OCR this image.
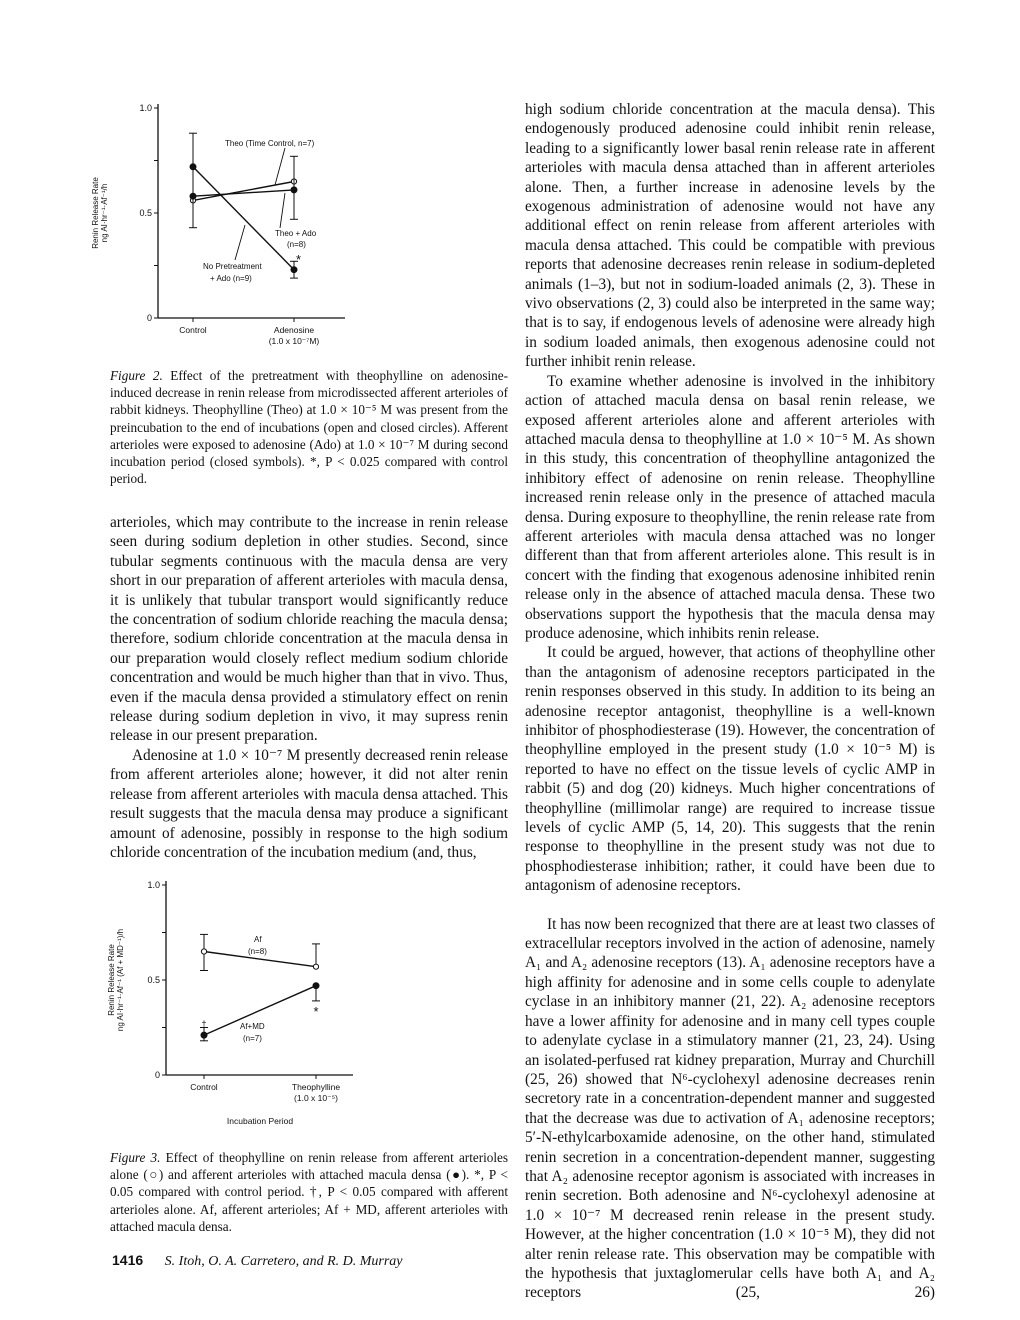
0
0.5
1.0
Renin Release Rate ng AI·hr⁻¹·Af⁻¹/h
Control	Adenosine
(1.0 x 10⁻⁷M)
Theo (Time Control, n=7)
Theo + Ado
(n=8)
No Pretreatment
+ Ado (n=9)
*
Figure 2. Effect of the pretreatment with theophylline on adenosine-induced decrease in renin release from microdissected afferent arterioles of rabbit kidneys. Theophylline (Theo) at 1.0 × 10⁻⁵ M was present from the preincubation to the end of incubations (open and closed circles). Afferent arterioles were exposed to adenosine (Ado) at 1.0 × 10⁻⁷ M during second incubation period (closed symbols). *, P < 0.025 compared with control period.

arterioles, which may contribute to the increase in renin release seen during sodium depletion in other studies. Second, since tubular segments continuous with the macula densa are very short in our preparation of afferent arterioles with macula densa, it is unlikely that tubular transport would significantly reduce the concentration of sodium chloride reaching the macula densa; therefore, sodium chloride concentration at the macula densa in our preparation would closely reflect medium sodium chloride concentration and would be much higher than that in vivo. Thus, even if the macula densa provided a stimulatory effect on renin release during sodium depletion in vivo, it may supress renin release in our present preparation.

Adenosine at 1.0 × 10⁻⁷ M presently decreased renin release from afferent arterioles alone; however, it did not alter renin release from afferent arterioles with macula densa attached. This result suggests that the macula densa may produce a significant amount of adenosine, possibly in response to the high sodium chloride concentration of the incubation medium (and, thus,

0
0.5
1.0
Renin Release Rate ng AI·hr⁻¹·Af⁻¹ (Af + MD⁻¹)/h
Control	Theophylline
(1.0 x 10⁻⁵)
Incubation Period
Af
(n=8)
Af+MD
(n=7)
†
*
Figure 3. Effect of theophylline on renin release from afferent arterioles alone (○) and afferent arterioles with attached macula densa (●). *, P < 0.05 compared with control period. †, P < 0.05 compared with afferent arterioles alone. Af, afferent arterioles; Af + MD, afferent arterioles with attached macula densa.

high sodium chloride concentration at the macula densa). This endogenously produced adenosine could inhibit renin release, leading to a significantly lower basal renin release rate in afferent arterioles with macula densa attached than in afferent arterioles alone. Then, a further increase in adenosine levels by the exogenous administration of adenosine would not have any additional effect on renin release from afferent arterioles with macula densa attached. This could be compatible with previous reports that adenosine decreases renin release in sodium-depleted animals (1–3), but not in sodium-loaded animals (2, 3). These in vivo observations (2, 3) could also be interpreted in the same way; that is to say, if endogenous levels of adenosine were already high in sodium loaded animals, then exogenous adenosine could not further inhibit renin release.

To examine whether adenosine is involved in the inhibitory action of attached macula densa on basal renin release, we exposed afferent arterioles alone and afferent arterioles with attached macula densa to theophylline at 1.0 × 10⁻⁵ M. As shown in this study, this concentration of theophylline antagonized the inhibitory effect of adenosine on renin release. Theophylline increased renin release only in the presence of attached macula densa. During exposure to theophylline, the renin release rate from afferent arterioles with macula densa attached was no longer different than that from afferent arterioles alone. This result is in concert with the finding that exogenous adenosine inhibited renin release only in the absence of attached macula densa. These two observations support the hypothesis that the macula densa may produce adenosine, which inhibits renin release.

It could be argued, however, that actions of theophylline other than the antagonism of adenosine receptors participated in the renin responses observed in this study. In addition to its being an adenosine receptor antagonist, theophylline is a well-known inhibitor of phosphodiesterase (19). However, the concentration of theophylline employed in the present study (1.0 × 10⁻⁵ M) is reported to have no effect on the tissue levels of cyclic AMP in rabbit (5) and dog (20) kidneys. Much higher concentrations of theophylline (millimolar range) are required to increase tissue levels of cyclic AMP (5, 14, 20). This suggests that the renin response to theophylline in the present study was not due to phosphodiesterase inhibition; rather, it could have been due to antagonism of adenosine receptors.

It has now been recognized that there are at least two classes of extracellular receptors involved in the action of adenosine, namely A₁ and A₂ adenosine receptors (13). A₁ adenosine receptors have a high affinity for adenosine and in some cells couple to adenylate cyclase in an inhibitory manner (21, 22). A₂ adenosine receptors have a lower affinity for adenosine and in many cell types couple to adenylate cyclase in a stimulatory manner (21, 23, 24). Using an isolated-perfused rat kidney preparation, Murray and Churchill (25, 26) showed that N⁶-cyclohexyl adenosine decreases renin secretory rate in a concentration-dependent manner and suggested that the decrease was due to activation of A₁ adenosine receptors; 5′-N-ethylcarboxamide adenosine, on the other hand, stimulated renin secretion in a concentration-dependent manner, suggesting that A₂ adenosine receptor agonism is associated with increases in renin secretion. Both adenosine and N⁶-cyclohexyl adenosine at 1.0 × 10⁻⁷ M decreased renin release in the present study. However, at the higher concentration (1.0 × 10⁻⁵ M), they did not alter renin release rate. This observation may be compatible with the hypothesis that juxtaglomerular cells have both A₁ and A₂ receptors (25, 26)

1416 S. Itoh, O. A. Carretero, and R. D. Murray
